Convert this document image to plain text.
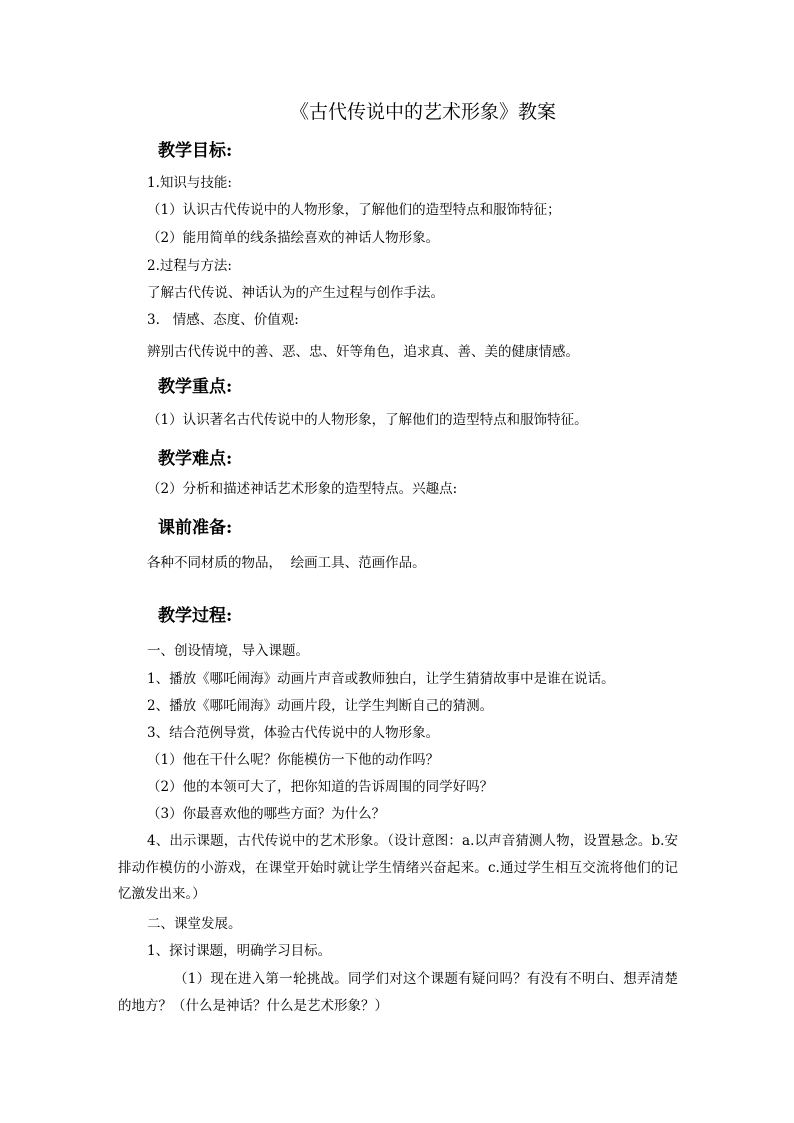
《古代传说中的艺术形象》教案
教学目标:
1.知识与技能:
（1）认识古代传说中的人物形象，了解他们的造型特点和服饰特征；
（2）能用简单的线条描绘喜欢的神话人物形象。
2.过程与方法:
了解古代传说、神话认为的产生过程与创作手法。
3.   情感、态度、价值观:
辨别古代传说中的善、恶、忠、奸等角色，追求真、善、美的健康情感。
教学重点:
（1）认识著名古代传说中的人物形象，了解他们的造型特点和服饰特征。
教学难点:
（2）分析和描述神话艺术形象的造型特点。兴趣点:
课前准备:
各种不同材质的物品，  绘画工具、范画作品。
教学过程:
一、创设情境，导入课题。
1、播放《哪吒闹海》动画片声音或教师独白，让学生猜猜故事中是谁在说话。
2、播放《哪吒闹海》动画片段，让学生判断自己的猜测。
3、结合范例导赏，体验古代传说中的人物形象。
（1）他在干什么呢？你能模仿一下他的动作吗？
（2）他的本领可大了，把你知道的告诉周围的同学好吗？
（3）你最喜欢他的哪些方面？为什么？
4、出示课题，古代传说中的艺术形象。（设计意图：a.以声音猜测人物，设置悬念。b.安排动作模仿的小游戏，在课堂开始时就让学生情绪兴奋起来。c.通过学生相互交流将他们的记忆激发出来。）
二、课堂发展。
1、探讨课题，明确学习目标。
（1）现在进入第一轮挑战。同学们对这个课题有疑问吗？有没有不明白、想弄清楚的地方？（什么是神话？什么是艺术形象？）
